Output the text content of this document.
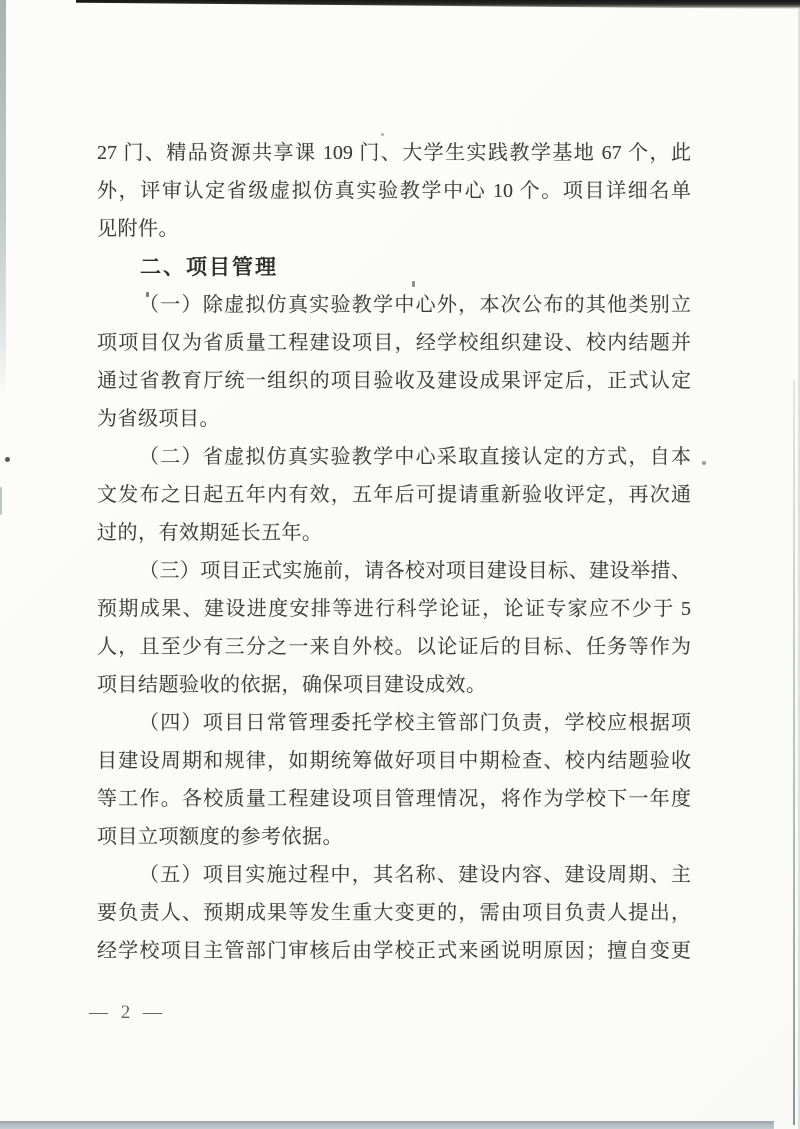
27 门、精品资源共享课 109 门、大学生实践教学基地 67 个，此
外，评审认定省级虚拟仿真实验教学中心 10 个。项目详细名单
见附件。
二、项目管理
（一）除虚拟仿真实验教学中心外，本次公布的其他类别立
项项目仅为省质量工程建设项目，经学校组织建设、校内结题并
通过省教育厅统一组织的项目验收及建设成果评定后，正式认定
为省级项目。
（二）省虚拟仿真实验教学中心采取直接认定的方式，自本
文发布之日起五年内有效，五年后可提请重新验收评定，再次通
过的，有效期延长五年。
（三）项目正式实施前，请各校对项目建设目标、建设举措、
预期成果、建设进度安排等进行科学论证，论证专家应不少于 5
人，且至少有三分之一来自外校。以论证后的目标、任务等作为
项目结题验收的依据，确保项目建设成效。
（四）项目日常管理委托学校主管部门负责，学校应根据项
目建设周期和规律，如期统筹做好项目中期检查、校内结题验收
等工作。各校质量工程建设项目管理情况，将作为学校下一年度
项目立项额度的参考依据。
（五）项目实施过程中，其名称、建设内容、建设周期、主
要负责人、预期成果等发生重大变更的，需由项目负责人提出，
经学校项目主管部门审核后由学校正式来函说明原因；擅自变更
— 2 —
